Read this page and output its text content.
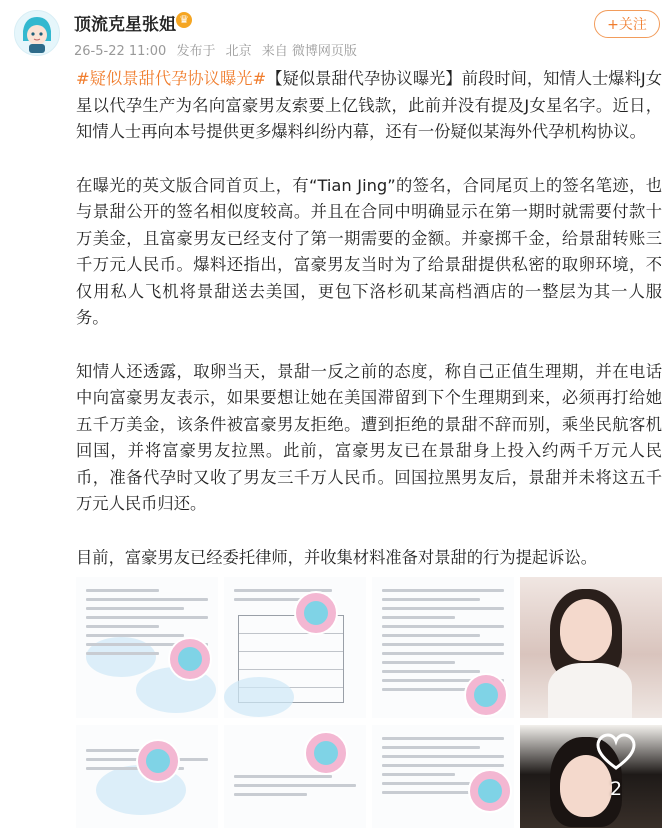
顶流克星张姐 ♛
26-5-22 11:00 发布于 北京 来自 微博网页版
+关注

#疑似景甜代孕协议曝光#【疑似景甜代孕协议曝光】前段时间，知情人士爆料J女星以代孕生产为名向富豪男友索要上亿钱款，此前并没有提及J女星名字。近日，知情人士再向本号提供更多爆料纠纷内幕，还有一份疑似某海外代孕机构协议。

在曝光的英文版合同首页上，有“Tian Jing”的签名，合同尾页上的签名笔迹，也与景甜公开的签名相似度较高。并且在合同中明确显示在第一期时就需要付款十万美金，且富豪男友已经支付了第一期需要的金额。并豪掷千金，给景甜转账三千万元人民币。爆料还指出，富豪男友当时为了给景甜提供私密的取卵环境，不仅用私人飞机将景甜送去美国，更包下洛杉矶某高档酒店的一整层为其一人服务。

知情人还透露，取卵当天，景甜一反之前的态度，称自己正值生理期，并在电话中向富豪男友表示，如果要想让她在美国滞留到下个生理期到来，必须再打给她五千万美金，该条件被富豪男友拒绝。遭到拒绝的景甜不辞而别，乘坐民航客机回国，并将富豪男友拉黑。此前，富豪男友已在景甜身上投入约两千万元人民币，准备代孕时又收了男友三千万人民币。回国拉黑男友后，景甜并未将这五千万元人民币归还。

目前，富豪男友已经委托律师，并收集材料准备对景甜的行为提起诉讼。

2
